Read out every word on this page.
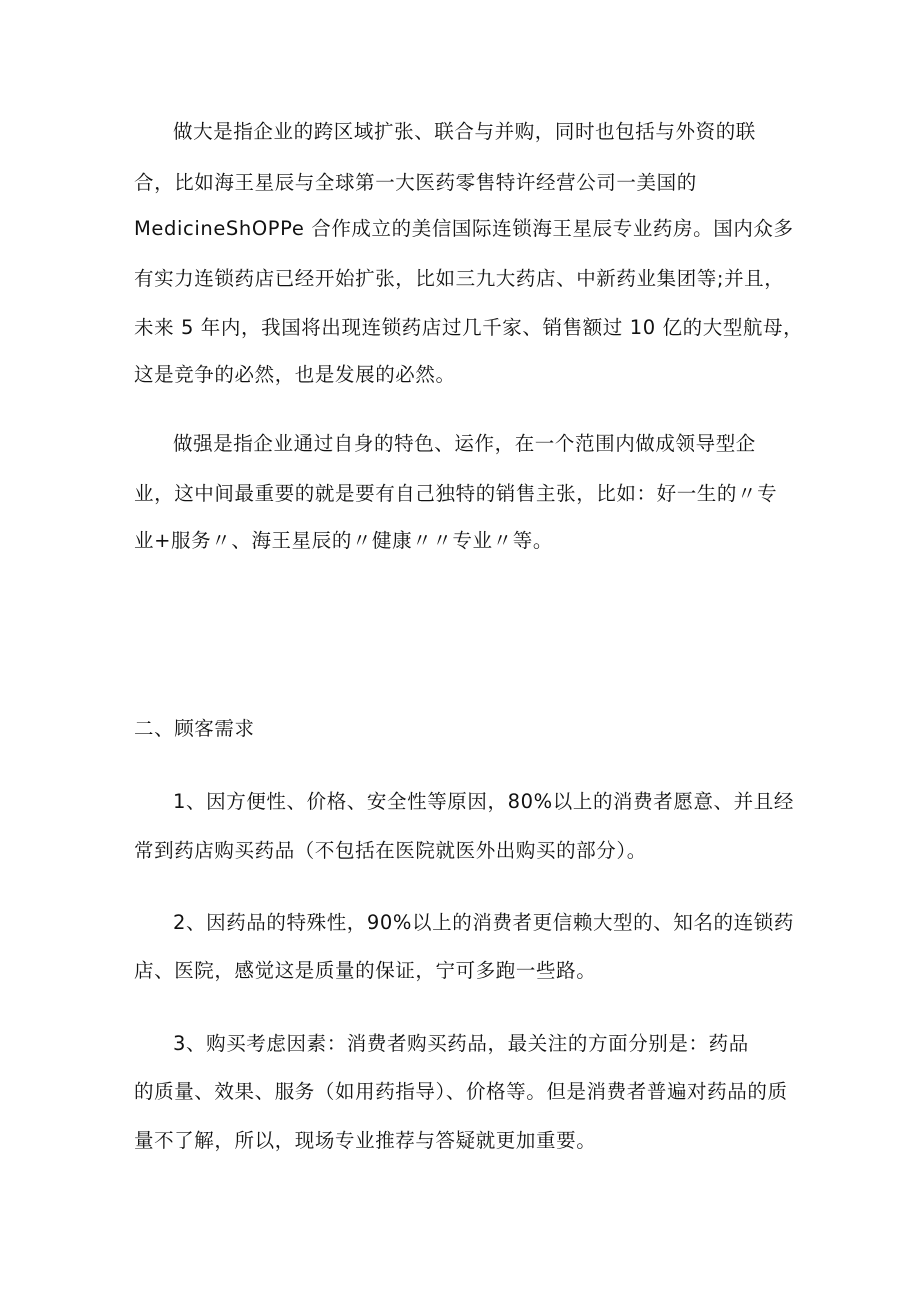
做大是指企业的跨区域扩张、联合与并购，同时也包括与外资的联
合，比如海王星辰与全球第一大医药零售特许经营公司一美国的
MedicineShOPPe 合作成立的美信国际连锁海王星辰专业药房。国内众多
有实力连锁药店已经开始扩张，比如三九大药店、中新药业集团等;并且，
未来 5 年内，我国将出现连锁药店过几千家、销售额过 10 亿的大型航母，
这是竞争的必然，也是发展的必然。
做强是指企业通过自身的特色、运作，在一个范围内做成领导型企
业，这中间最重要的就是要有自己独特的销售主张，比如：好一生的〃专
业+服务〃、海王星辰的〃健康〃〃专业〃等。
二、顾客需求
1、因方便性、价格、安全性等原因，80%以上的消费者愿意、并且经
常到药店购买药品（不包括在医院就医外出购买的部分）。
2、因药品的特殊性，90%以上的消费者更信赖大型的、知名的连锁药
店、医院，感觉这是质量的保证，宁可多跑一些路。
3、购买考虑因素：消费者购买药品，最关注的方面分别是：药品
的质量、效果、服务（如用药指导）、价格等。但是消费者普遍对药品的质
量不了解，所以，现场专业推荐与答疑就更加重要。
